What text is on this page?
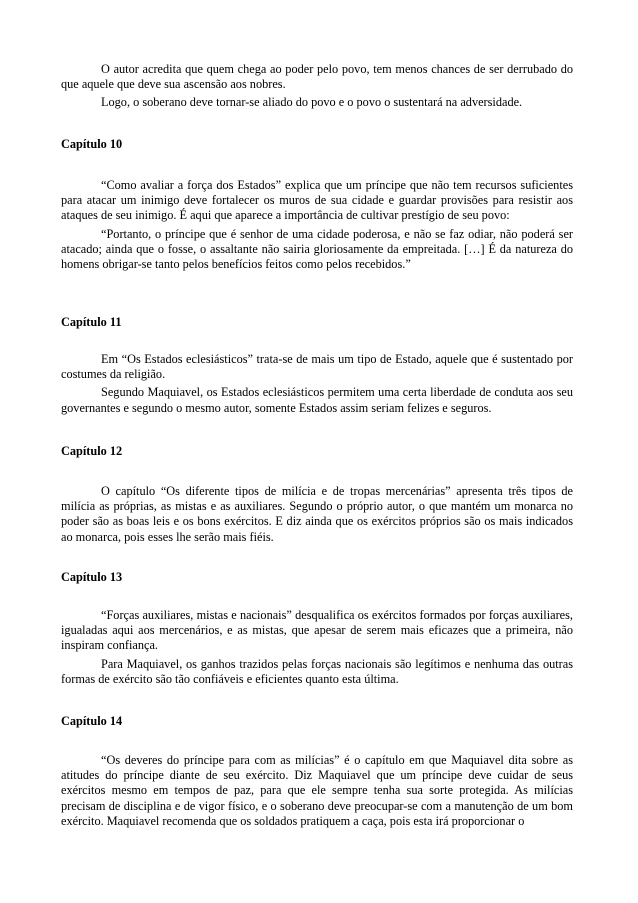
O autor acredita que quem chega ao poder pelo povo, tem menos chances de ser derrubado do que aquele que deve sua ascensão aos nobres.

Logo, o soberano deve tornar-se aliado do povo e o povo o sustentará na adversidade.

Capítulo 10

“Como avaliar a força dos Estados” explica que um príncipe que não tem recursos suficientes para atacar um inimigo deve fortalecer os muros de sua cidade e guardar provisões para resistir aos ataques de seu inimigo. É aqui que aparece a importância de cultivar prestígio de seu povo:

“Portanto, o príncipe que é senhor de uma cidade poderosa, e não se faz odiar, não poderá ser atacado; ainda que o fosse, o assaltante não sairia gloriosamente da empreitada. […] É da natureza do homens obrigar-se tanto pelos benefícios feitos como pelos recebidos.”

Capítulo 11

Em “Os Estados eclesiásticos” trata-se de mais um tipo de Estado, aquele que é sustentado por costumes da religião.

Segundo Maquiavel, os Estados eclesiásticos permitem uma certa liberdade de conduta aos seu governantes e segundo o mesmo autor, somente Estados assim seriam felizes e seguros.

Capítulo 12

O capítulo “Os diferente tipos de milícia e de tropas mercenárias” apresenta três tipos de milícia as próprias, as mistas e as auxiliares. Segundo o próprio autor, o que mantém um monarca no poder são as boas leis e os bons exércitos. E diz ainda que os exércitos próprios são os mais indicados ao monarca, pois esses lhe serão mais fiéis.

Capítulo 13

“Forças auxiliares, mistas e nacionais” desqualifica os exércitos formados por forças auxiliares, igualadas aqui aos mercenários, e as mistas, que apesar de serem mais eficazes que a primeira, não inspiram confiança.

Para Maquiavel, os ganhos trazidos pelas forças nacionais são legítimos e nenhuma das outras formas de exército são tão confiáveis e eficientes quanto esta última.

Capítulo 14

“Os deveres do príncipe para com as milícias” é o capítulo em que Maquiavel dita sobre as atitudes do príncipe diante de seu exército. Diz Maquiavel que um príncipe deve cuidar de seus exércitos mesmo em tempos de paz, para que ele sempre tenha sua sorte protegida. As milícias precisam de disciplina e de vigor físico, e o soberano deve preocupar-se com a manutenção de um bom exército. Maquiavel recomenda que os soldados pratiquem a caça, pois esta irá proporcionar o
